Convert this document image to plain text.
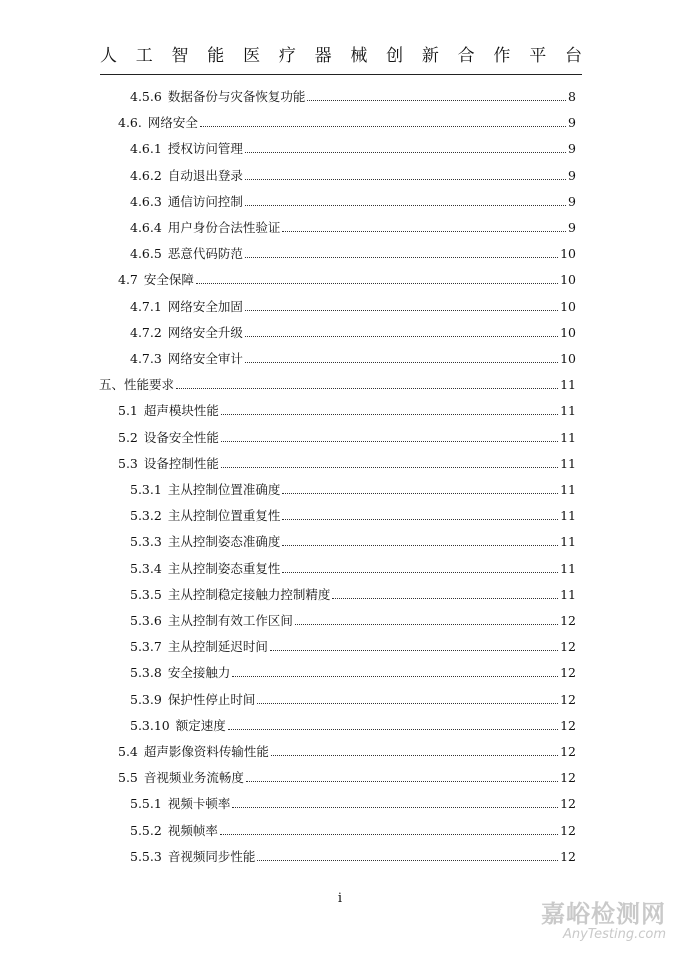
人 工 智 能 医 疗 器 械 创 新 合 作 平 台
4.5.6 数据备份与灾备恢复功能	8
4.6. 网络安全	9
4.6.1 授权访问管理	9
4.6.2 自动退出登录	9
4.6.3 通信访问控制	9
4.6.4 用户身份合法性验证	9
4.6.5 恶意代码防范	10
4.7 安全保障	10
4.7.1 网络安全加固	10
4.7.2 网络安全升级	10
4.7.3 网络安全审计	10
五、 性能要求	11
5.1 超声模块性能	11
5.2 设备安全性能	11
5.3 设备控制性能	11
5.3.1 主从控制位置准确度	11
5.3.2 主从控制位置重复性	11
5.3.3 主从控制姿态准确度	11
5.3.4 主从控制姿态重复性	11
5.3.5 主从控制稳定接触力控制精度	11
5.3.6 主从控制有效工作区间	12
5.3.7 主从控制延迟时间	12
5.3.8 安全接触力	12
5.3.9 保护性停止时间	12
5.3.10 额定速度	12
5.4 超声影像资料传输性能	12
5.5 音视频业务流畅度	12
5.5.1 视频卡顿率	12
5.5.2 视频帧率	12
5.5.3 音视频同步性能	12
i
嘉峪检测网
AnyTesting.com
